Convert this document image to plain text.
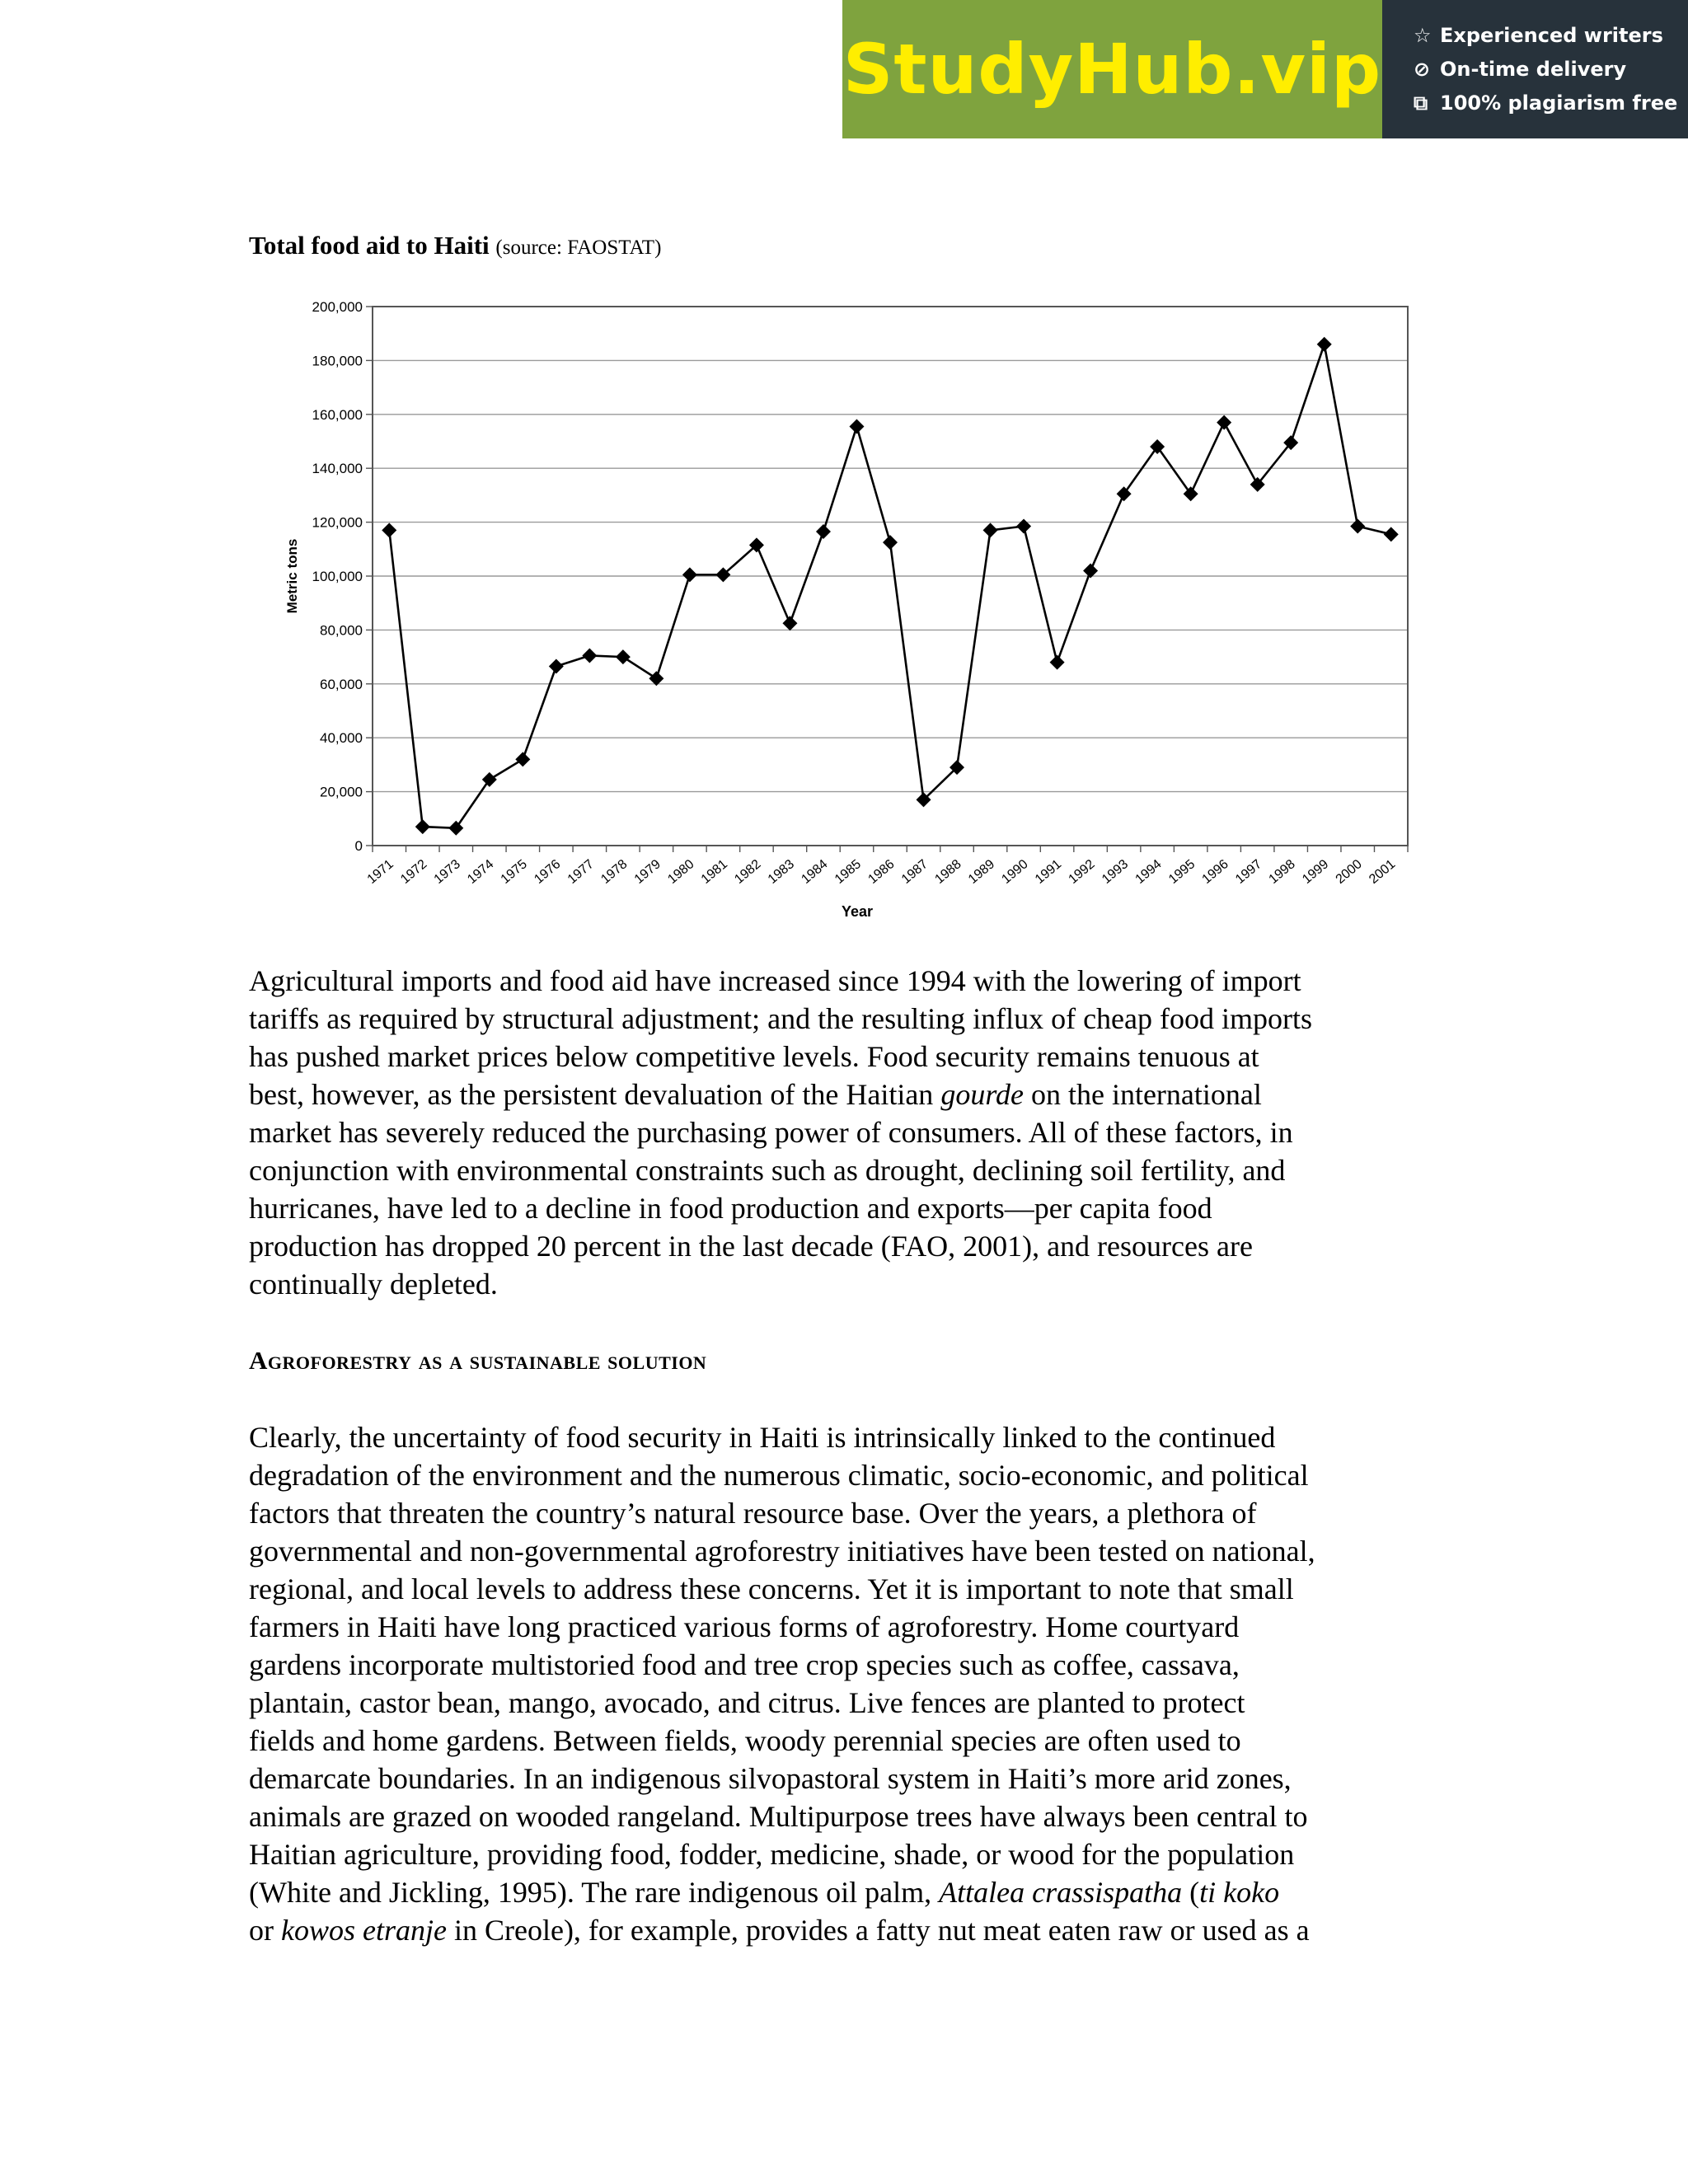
StudyHub.vip ☆ Experienced writers
⊘ On-time delivery
⧉ 100% plagiarism free
Total food aid to Haiti (source: FAOSTAT)
0
20,000
40,000
60,000
80,000
100,000
120,000
140,000
160,000
180,000
200,000
1971 1972 1973 1974 1975 1976 1977 1978 1979 1980 1981 1982 1983 1984 1985 1986 1987 1988 1989 1990 1991 1992 1993 1994 1995 1996 1997 1998 1999 2000 2001
Year
Metric tons

Agricultural imports and food aid have increased since 1994 with the lowering of import

tariffs as required by structural adjustment; and the resulting influx of cheap food imports

has pushed market prices below competitive levels. Food security remains tenuous at

best, however, as the persistent devaluation of the Haitian gourde on the international

market has severely reduced the purchasing power of consumers. All of these factors, in

conjunction with environmental constraints such as drought, declining soil fertility, and

hurricanes, have led to a decline in food production and exports—per capita food

production has dropped 20 percent in the last decade (FAO, 2001), and resources are

continually depleted.

Agroforestry as a sustainable solution

Clearly, the uncertainty of food security in Haiti is intrinsically linked to the continued

degradation of the environment and the numerous climatic, socio-economic, and political

factors that threaten the country’s natural resource base. Over the years, a plethora of

governmental and non-governmental agroforestry initiatives have been tested on national,

regional, and local levels to address these concerns. Yet it is important to note that small

farmers in Haiti have long practiced various forms of agroforestry. Home courtyard

gardens incorporate multistoried food and tree crop species such as coffee, cassava,

plantain, castor bean, mango, avocado, and citrus. Live fences are planted to protect

fields and home gardens. Between fields, woody perennial species are often used to

demarcate boundaries. In an indigenous silvopastoral system in Haiti’s more arid zones,

animals are grazed on wooded rangeland. Multipurpose trees have always been central to

Haitian agriculture, providing food, fodder, medicine, shade, or wood for the population

(White and Jickling, 1995). The rare indigenous oil palm, Attalea crassispatha (ti koko

or kowos etranje in Creole), for example, provides a fatty nut meat eaten raw or used as a
